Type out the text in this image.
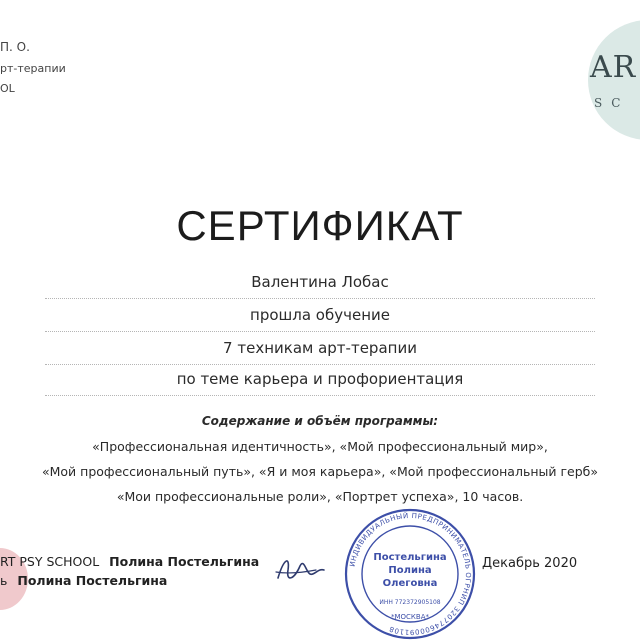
П. О.
рт-терапии
OL
AR
SC
СЕРТИФИКАТ
Валентина Лобас
прошла обучение
7 техникам арт-терапии
по теме карьера и профориентация
Содержание и объём программы:
«Профессиональная идентичность», «Мой профессиональный мир»,
«Мой профессиональный путь», «Я и моя карьера», «Мой профессиональный герб»
«Мои профессиональные роли», «Портрет успеха», 10 часов.
RT PSY SCHOOL Полина Постельгина
ь Полина Постельгина
ИНДИВИДУАЛЬНЫЙ ПРЕДПРИНИМАТЕЛЬ ОГРНИП 320774600091108
Постельгина
Полина
Олеговна
ИНН 772372905108
*МОСКВА*
Декабрь 2020
